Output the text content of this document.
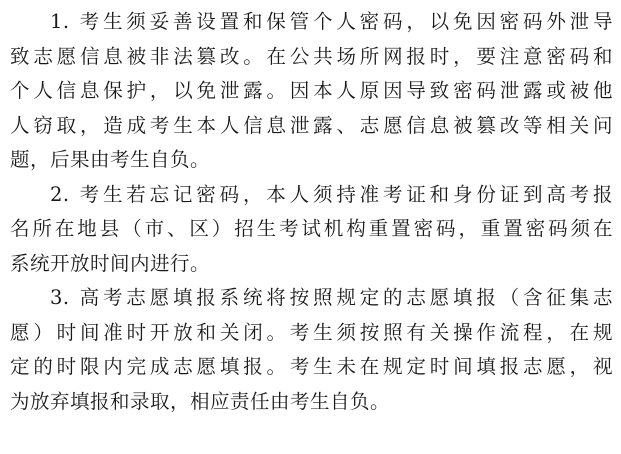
1. 考生须妥善设置和保管个人密码，以免因密码外泄导
致志愿信息被非法篡改。在公共场所网报时，要注意密码和
个人信息保护，以免泄露。因本人原因导致密码泄露或被他
人窃取，造成考生本人信息泄露、志愿信息被篡改等相关问
题，后果由考生自负。
2. 考生若忘记密码，本人须持准考证和身份证到高考报
名所在地县（市、区）招生考试机构重置密码，重置密码须在
系统开放时间内进行。
3. 高考志愿填报系统将按照规定的志愿填报（含征集志
愿）时间准时开放和关闭。考生须按照有关操作流程，在规
定的时限内完成志愿填报。考生未在规定时间填报志愿，视
为放弃填报和录取，相应责任由考生自负。
